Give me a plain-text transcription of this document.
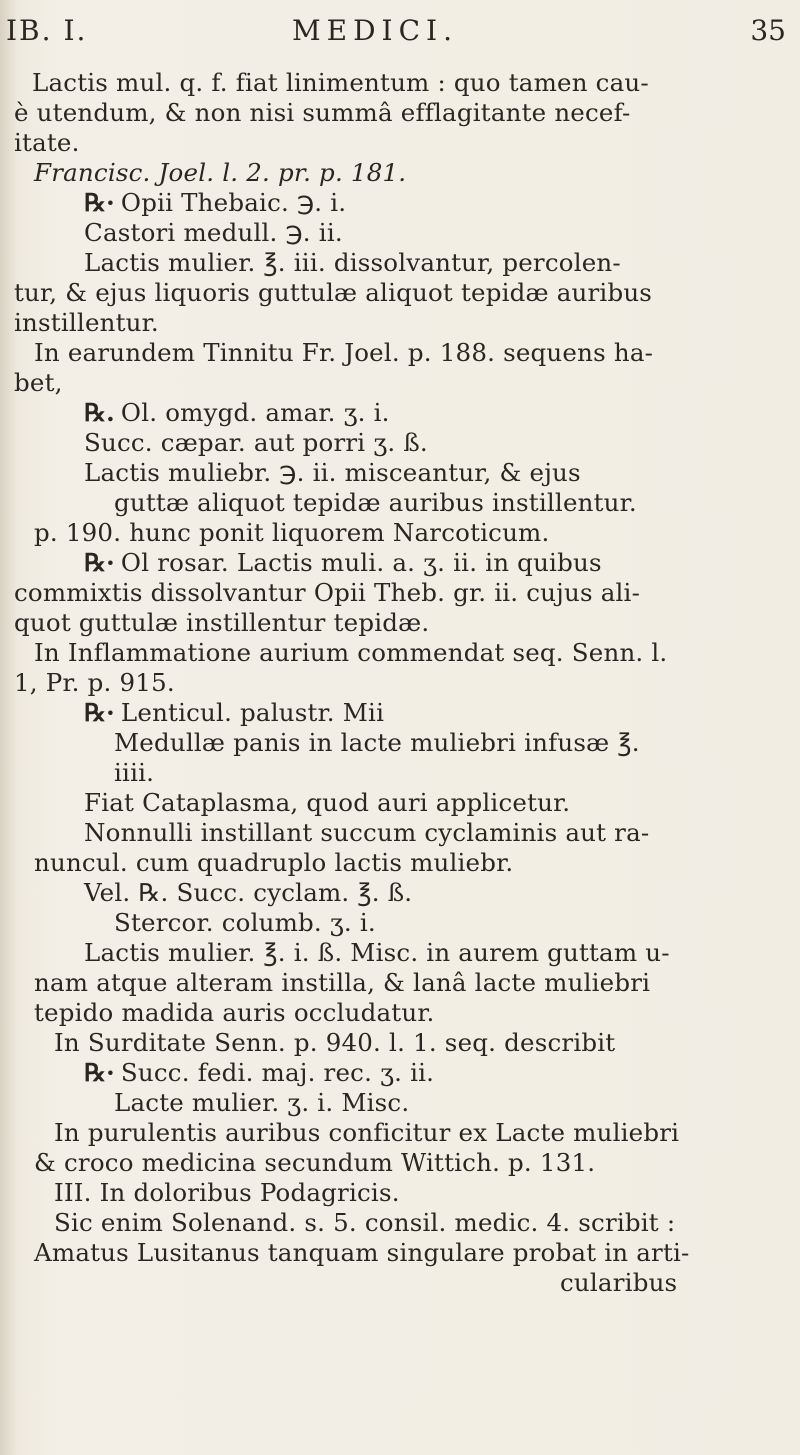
IB. I.	MEDICI.	35
Lactis mul. q. f. fiat linimentum : quo tamen cau-
è utendum, & non nisi summâ efflagitante necef-
itate.
Francisc. Joel. l. 2. pr. p. 181.
℞· Opii Thebaic. ℈. i.
Castori medull. ℈. ii.
Lactis mulier. ℥. iii. dissolvantur, percolen-
tur, & ejus liquoris guttulæ aliquot tepidæ auribus
instillentur.
In earundem Tinnitu Fr. Joel. p. 188. sequens ha-
bet,
℞. Ol. omygd. amar. ʒ. i.
Succ. cæpar. aut porri ʒ. ß.
Lactis muliebr. ℈. ii. misceantur, & ejus
guttæ aliquot tepidæ auribus instillentur.
p. 190. hunc ponit liquorem Narcoticum.
℞· Ol rosar. Lactis muli. a. ʒ. ii. in quibus
commixtis dissolvantur Opii Theb. gr. ii. cujus ali-
quot guttulæ instillentur tepidæ.
In Inflammatione aurium commendat seq. Senn. l.
1, Pr. p. 915.
℞· Lenticul. palustr. Mii
Medullæ panis in lacte muliebri infusæ ℥.
iiii.
Fiat Cataplasma, quod auri applicetur.
Nonnulli instillant succum cyclaminis aut ra-
nuncul. cum quadruplo lactis muliebr.
Vel. ℞. Succ. cyclam. ℥. ß.
Stercor. columb. ʒ. i.
Lactis mulier. ℥. i. ß. Misc. in aurem guttam u-
nam atque alteram instilla, & lanâ lacte muliebri
tepido madida auris occludatur.
In Surditate Senn. p. 940. l. 1. seq. describit
℞· Succ. fedi. maj. rec. ʒ. ii.
Lacte mulier. ʒ. i. Misc.
In purulentis auribus conficitur ex Lacte muliebri
& croco medicina secundum Wittich. p. 131.
III. In doloribus Podagricis.
Sic enim Solenand. s. 5. consil. medic. 4. scribit :
Amatus Lusitanus tanquam singulare probat in arti-
cularibus
